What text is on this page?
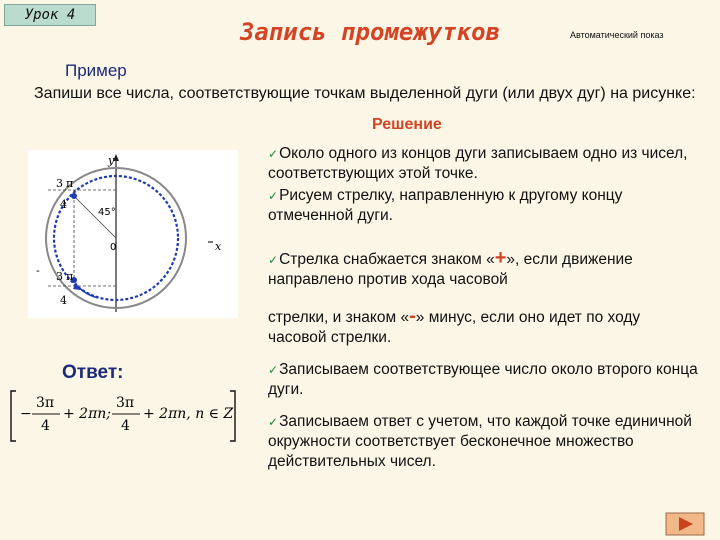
Урок 4
Запись промежутков	Автоматический показ
Пример
Запиши все числа, соответствующие точкам выделенной дуги (или двух дуг) на рисунке:
Решение
✓Около одного из концов дуги записываем одно из чисел, соответствующих этой точке.
✓Рисуем стрелку, направленную к другому концу отмеченной дуги.
✓Стрелка снабжается знаком «+», если движение направлено против хода часовой
стрелки, и знаком «-» минус, если оно идет по ходу часовой стрелки.
✓Записываем соответствующее число около второго конца дуги.
✓Записываем ответ с учетом, что каждой точке единичной окружности соответствует бесконечное множество действительных чисел.
y
x
3 π
4
- 3 π
4
45°
0
Ответ:
−
3π
4
+ 2πn;
3π
4
+ 2πn, n ∈ Z
